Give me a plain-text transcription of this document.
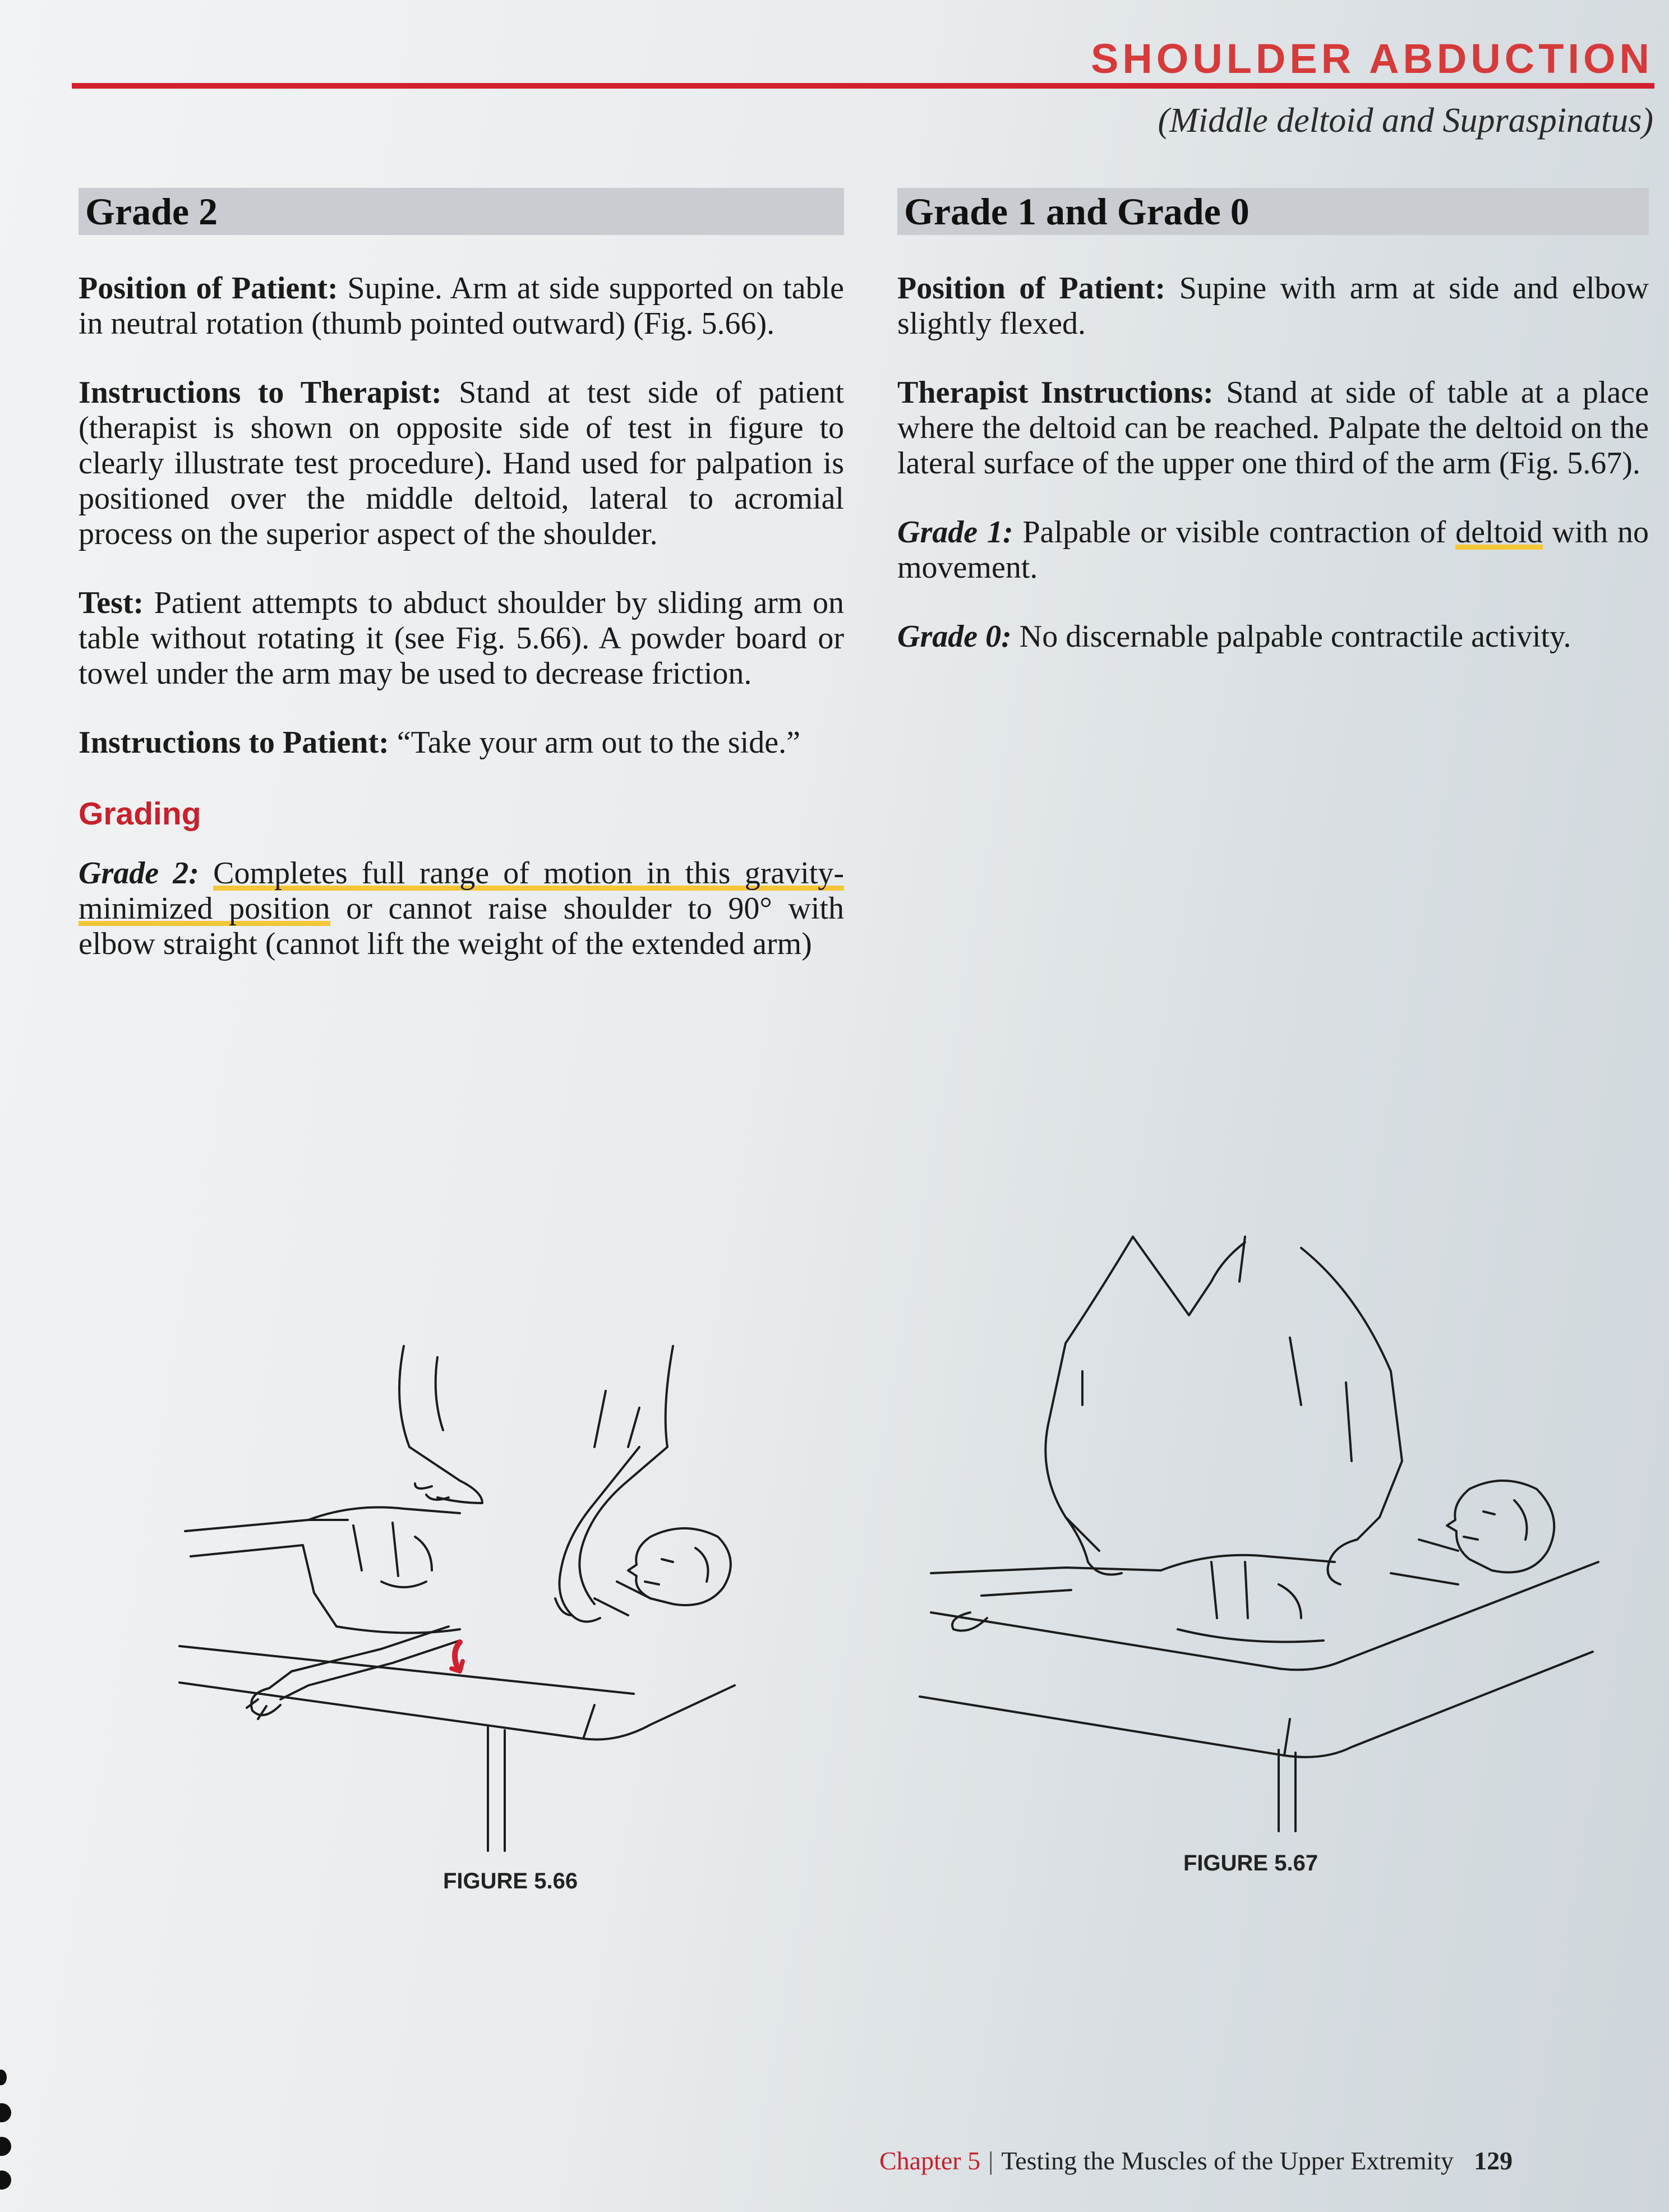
SHOULDER ABDUCTION
(Middle deltoid and Supraspinatus)
Grade 2

Position of Patient: Supine. Arm at side supported on table in neutral rotation (thumb pointed outward) (Fig. 5.66).

Instructions to Therapist: Stand at test side of patient (therapist is shown on opposite side of test in figure to clearly illustrate test procedure). Hand used for palpation is positioned over the middle deltoid, lateral to acromial process on the superior aspect of the shoulder.

Test: Patient attempts to abduct shoulder by sliding arm on table without rotating it (see Fig. 5.66). A powder board or towel under the arm may be used to decrease friction.

Instructions to Patient: “Take your arm out to the side.”

Grading

Grade 2: Completes full range of motion in this gravity-minimized position or cannot raise shoulder to 90° with elbow straight (cannot lift the weight of the extended arm)

Grade 1 and Grade 0

Position of Patient: Supine with arm at side and elbow slightly flexed.

Therapist Instructions: Stand at side of table at a place where the deltoid can be reached. Palpate the deltoid on the lateral surface of the upper one third of the arm (Fig. 5.67).

Grade 1: Palpable or visible contraction of deltoid with no movement.

Grade 0: No discernable palpable contractile activity.

FIGURE 5.66
FIGURE 5.67
Chapter 5 | Testing the Muscles of the Upper Extremity 129
